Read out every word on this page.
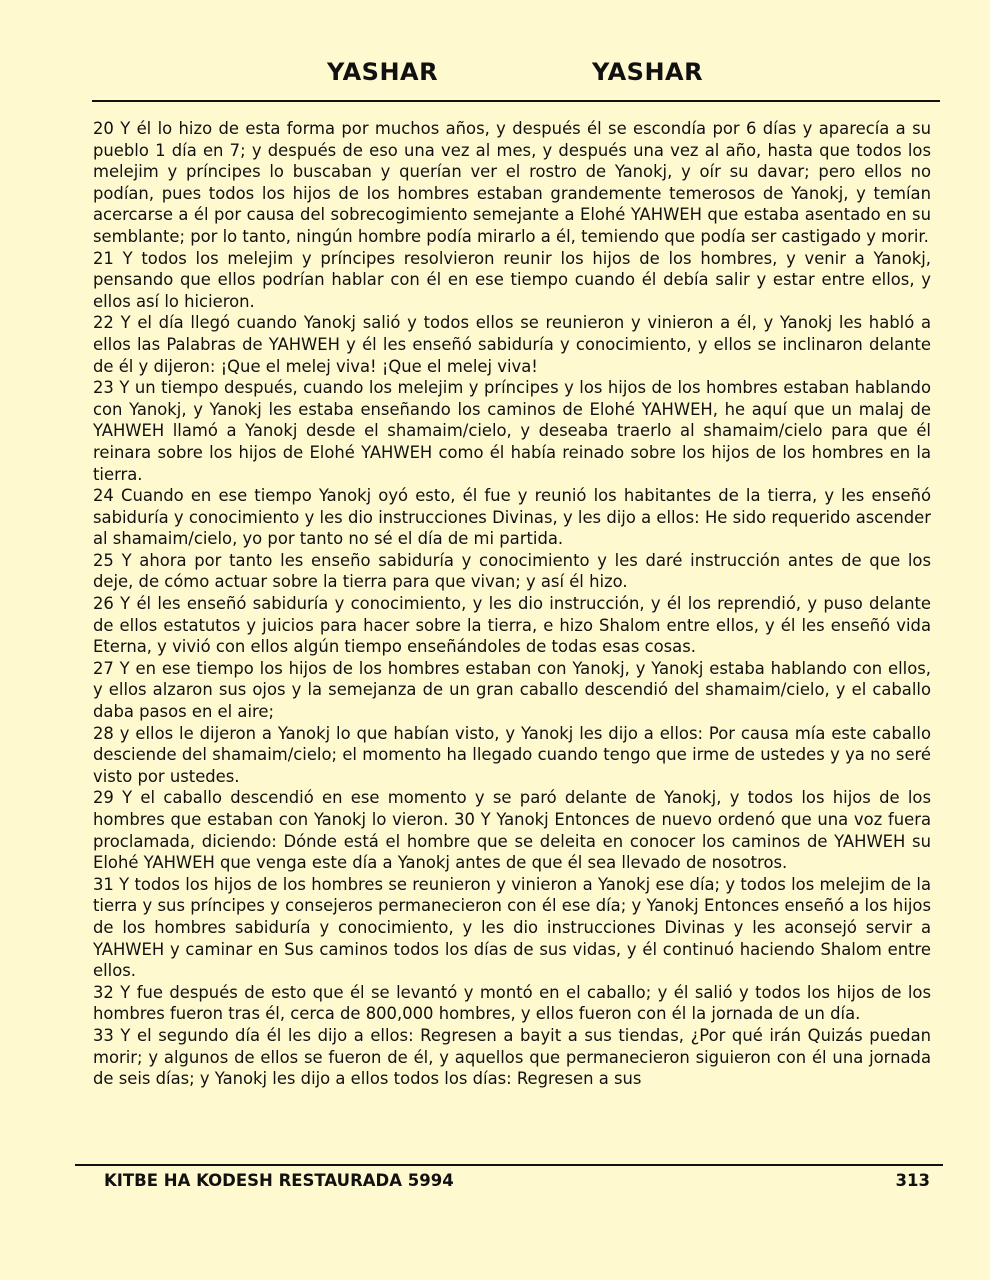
YASHAR	YASHAR

20 Y él lo hizo de esta forma por muchos años, y después él se escondía por 6 días y aparecía a su pueblo 1 día en 7; y después de eso una vez al mes, y después una vez al año, hasta que todos los melejim y príncipes lo buscaban y querían ver el rostro de Yanokj, y oír su davar; pero ellos no podían, pues todos los hijos de los hombres estaban grandemente temerosos de Yanokj, y temían acercarse a él por causa del sobrecogimiento semejante a Elohé YAHWEH que estaba asentado en su semblante; por lo tanto, ningún hombre podía mirarlo a él, temiendo que podía ser castigado y morir.

21 Y todos los melejim y príncipes resolvieron reunir los hijos de los hombres, y venir a Yanokj, pensando que ellos podrían hablar con él en ese tiempo cuando él debía salir y estar entre ellos, y ellos así lo hicieron.

22 Y el día llegó cuando Yanokj salió y todos ellos se reunieron y vinieron a él, y Yanokj les habló a ellos las Palabras de YAHWEH y él les enseñó sabiduría y conocimiento, y ellos se inclinaron delante de él y dijeron: ¡Que el melej viva! ¡Que el melej viva!

23 Y un tiempo después, cuando los melejim y príncipes y los hijos de los hombres estaban hablando con Yanokj, y Yanokj les estaba enseñando los caminos de Elohé YAHWEH, he aquí que un malaj de YAHWEH llamó a Yanokj desde el shamaim/cielo, y deseaba traerlo al shamaim/cielo para que él reinara sobre los hijos de Elohé YAHWEH como él había reinado sobre los hijos de los hombres en la tierra.

24 Cuando en ese tiempo Yanokj oyó esto, él fue y reunió los habitantes de la tierra, y les enseñó sabiduría y conocimiento y les dio instrucciones Divinas, y les dijo a ellos: He sido requerido ascender al shamaim/cielo, yo por tanto no sé el día de mi partida.

25 Y ahora por tanto les enseño sabiduría y conocimiento y les daré instrucción antes de que los deje, de cómo actuar sobre la tierra para que vivan; y así él hizo.

26 Y él les enseñó sabiduría y conocimiento, y les dio instrucción, y él los reprendió, y puso delante de ellos estatutos y juicios para hacer sobre la tierra, e hizo Shalom entre ellos, y él les enseñó vida Eterna, y vivió con ellos algún tiempo enseñándoles de todas esas cosas.

27 Y en ese tiempo los hijos de los hombres estaban con Yanokj, y Yanokj estaba hablando con ellos, y ellos alzaron sus ojos y la semejanza de un gran caballo descendió del shamaim/cielo, y el caballo daba pasos en el aire;

28 y ellos le dijeron a Yanokj lo que habían visto, y Yanokj les dijo a ellos: Por causa mía este caballo desciende del shamaim/cielo; el momento ha llegado cuando tengo que irme de ustedes y ya no seré visto por ustedes.

29 Y el caballo descendió en ese momento y se paró delante de Yanokj, y todos los hijos de los hombres que estaban con Yanokj lo vieron. 30 Y Yanokj Entonces de nuevo ordenó que una voz fuera proclamada, diciendo: Dónde está el hombre que se deleita en conocer los caminos de YAHWEH su Elohé YAHWEH que venga este día a Yanokj antes de que él sea llevado de nosotros.

31 Y todos los hijos de los hombres se reunieron y vinieron a Yanokj ese día; y todos los melejim de la tierra y sus príncipes y consejeros permanecieron con él ese día; y Yanokj Entonces enseñó a los hijos de los hombres sabiduría y conocimiento, y les dio instrucciones Divinas y les aconsejó servir a YAHWEH y caminar en Sus caminos todos los días de sus vidas, y él continuó haciendo Shalom entre ellos.

32 Y fue después de esto que él se levantó y montó en el caballo; y él salió y todos los hijos de los hombres fueron tras él, cerca de 800,000 hombres, y ellos fueron con él la jornada de un día.

33 Y el segundo día él les dijo a ellos: Regresen a bayit a sus tiendas, ¿Por qué irán Quizás puedan morir; y algunos de ellos se fueron de él, y aquellos que permanecieron siguieron con él una jornada de seis días; y Yanokj les dijo a ellos todos los días: Regresen a sus

KITBE HA KODESH RESTAURADA 5994	313
